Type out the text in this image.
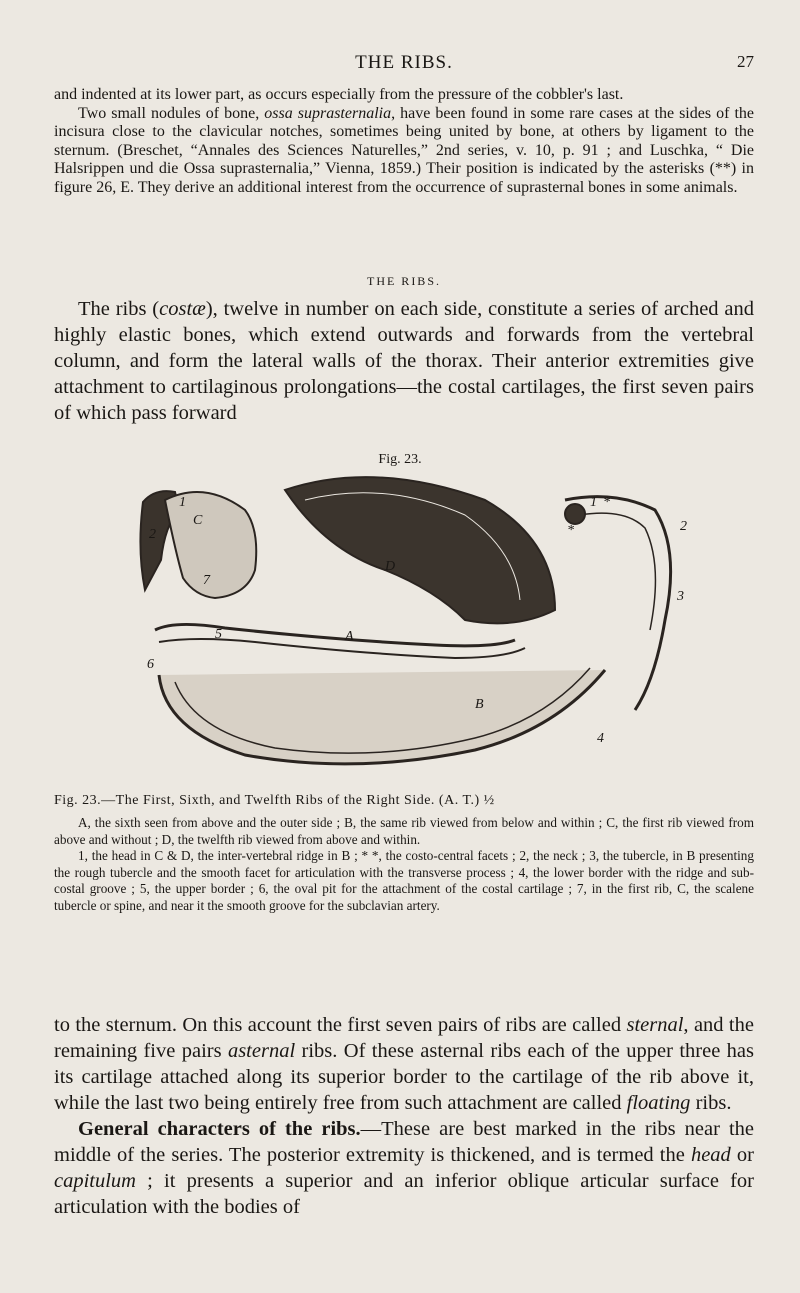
THE RIBS.	27

and indented at its lower part, as occurs especially from the pressure of the cobbler's last.

Two small nodules of bone, ossa suprasternalia, have been found in some rare cases at the sides of the incisura close to the clavicular notches, sometimes being united by bone, at others by ligament to the sternum. (Breschet, “Annales des Sciences Naturelles,” 2nd series, v. 10, p. 91 ; and Luschka, “ Die Halsrippen und die Ossa suprasternalia,” Vienna, 1859.) Their position is indicated by the asterisks (**) in figure 26, E. They derive an additional interest from the occurrence of suprasternal bones in some animals.

THE RIBS.

The ribs (costæ), twelve in number on each side, constitute a series of arched and highly elastic bones, which extend outwards and forwards from the vertebral column, and form the lateral walls of the thorax. Their anterior extremities give attachment to cartilaginous prolongations—the costal cartilages, the first seven pairs of which pass forward

Fig. 23.
C
D
A
B
1
2
7
5
6
4
3
1
2
*
*

Fig. 23.—The First, Sixth, and Twelfth Ribs of the Right Side. (A. T.) ½

A, the sixth seen from above and the outer side ; B, the same rib viewed from below and within ; C, the first rib viewed from above and without ; D, the twelfth rib viewed from above and within.

1, the head in C & D, the inter-vertebral ridge in B ; * *, the costo-central facets ; 2, the neck ; 3, the tubercle, in B presenting the rough tubercle and the smooth facet for articulation with the transverse process ; 4, the lower border with the ridge and sub-costal groove ; 5, the upper border ; 6, the oval pit for the attachment of the costal cartilage ; 7, in the first rib, C, the scalene tubercle or spine, and near it the smooth groove for the subclavian artery.

to the sternum. On this account the first seven pairs of ribs are called sternal, and the remaining five pairs asternal ribs. Of these asternal ribs each of the upper three has its cartilage attached along its superior border to the cartilage of the rib above it, while the last two being entirely free from such attachment are called floating ribs.

General characters of the ribs.—These are best marked in the ribs near the middle of the series. The posterior extremity is thickened, and is termed the head or capitulum ; it presents a superior and an inferior oblique articular surface for articulation with the bodies of
